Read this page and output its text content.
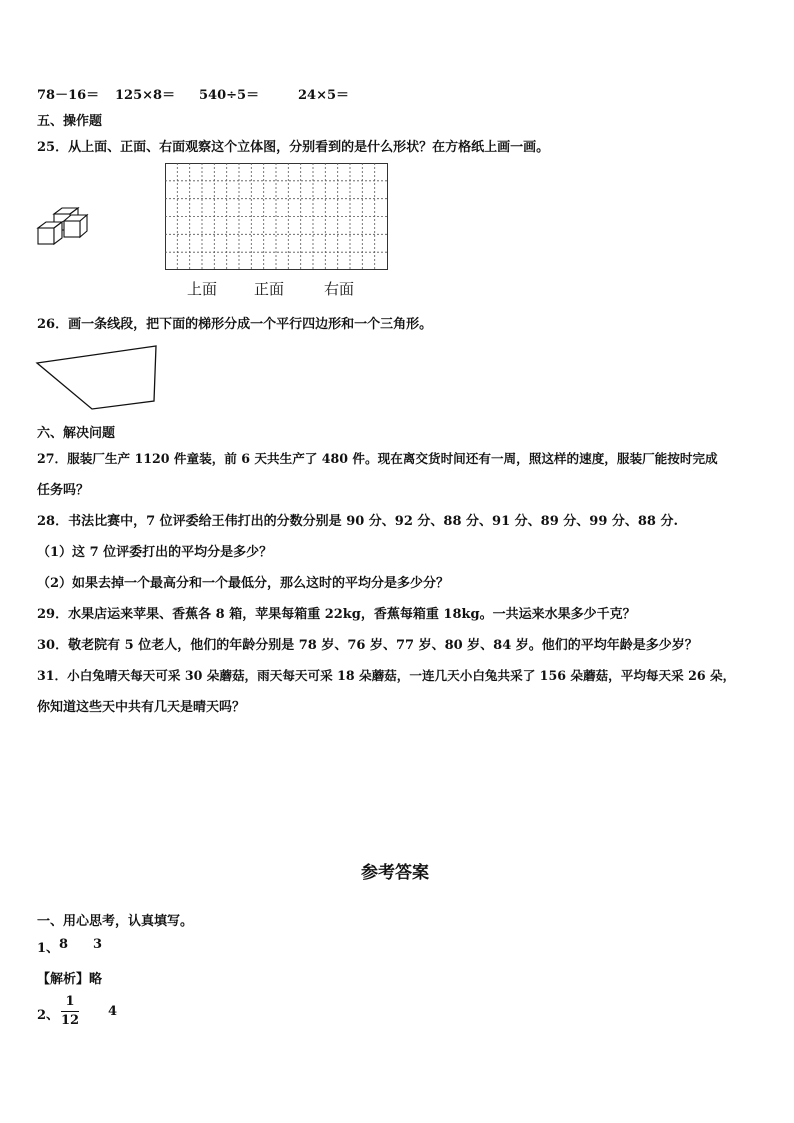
78－16＝ 125×8＝ 540÷5＝	24×5＝
五、操作题
25．从上面、正面、右面观察这个立体图，分别看到的是什么形状？在方格纸上画一画。
上面 正面	右面
26．画一条线段，把下面的梯形分成一个平行四边形和一个三角形。
六、解决问题
27．服装厂生产 1120 件童装，前 6 天共生产了 480 件。现在离交货时间还有一周，照这样的速度，服装厂能按时完成
任务吗？
28．书法比赛中，7 位评委给王伟打出的分数分别是 90 分、92 分、88 分、91 分、89 分、99 分、88 分.
（1）这 7 位评委打出的平均分是多少？
（2）如果去掉一个最高分和一个最低分，那么这时的平均分是多少分？
29．水果店运来苹果、香蕉各 8 箱，苹果每箱重 22kg，香蕉每箱重 18kg。一共运来水果多少千克？
30．敬老院有 5 位老人，他们的年龄分别是 78 岁、76 岁、77 岁、80 岁、84 岁。他们的平均年龄是多少岁？
31．小白兔晴天每天可采 30 朵蘑菇，雨天每天可采 18 朵蘑菇，一连几天小白兔共采了 156 朵蘑菇，平均每天采 26 朵，
你知道这些天中共有几天是晴天吗？
参考答案
一、用心思考，认真填写。
1、 8 3
【解析】略
2、
1
12
4
